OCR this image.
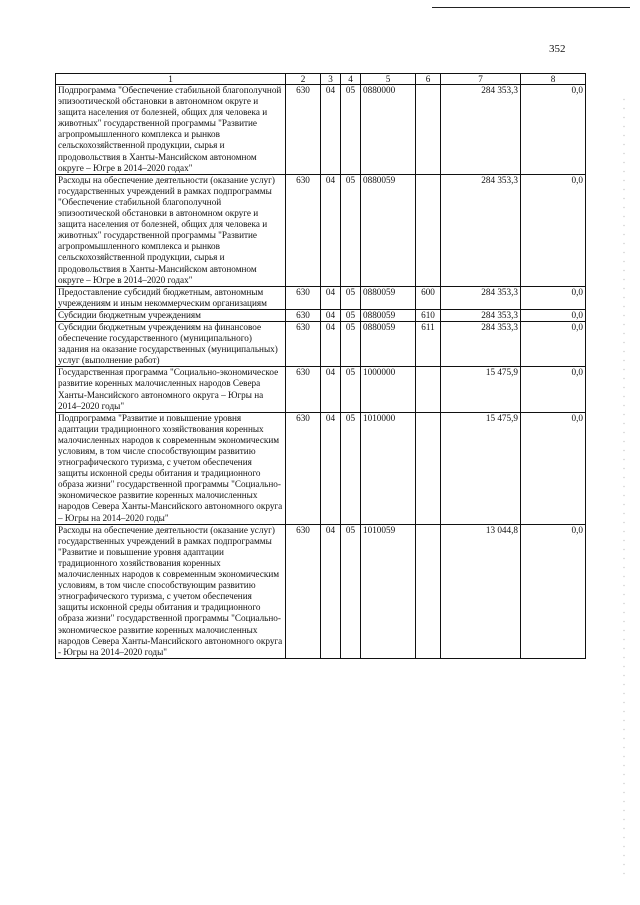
352
1	2	3	4	5	6	7	8
Подпрограмма "Обеспечение стабильной благополучной эпизоотической обстановки в автономном округе и защита населения от болезней, общих для человека и животных" государственной программы "Развитие агропромышленного комплекса и рынков сельскохозяйственной продукции, сырья и продовольствия в Ханты-Мансийском автономном округе – Югре в 2014–2020 годах"	630	04	05	0880000		284 353,3	0,0
Расходы на обеспечение деятельности (оказание услуг) государственных учреждений в рамках подпрограммы "Обеспечение стабильной благополучной эпизоотической обстановки в автономном округе и защита населения от болезней, общих для человека и животных" государственной программы "Развитие агропромышленного комплекса и рынков сельскохозяйственной продукции, сырья и продовольствия в Ханты-Мансийском автономном округе – Югре в 2014–2020 годах"	630	04	05	0880059		284 353,3	0,0
Предоставление субсидий бюджетным, автономным учреждениям и иным некоммерческим организациям	630	04	05	0880059	600	284 353,3	0,0
Субсидии бюджетным учреждениям	630	04	05	0880059	610	284 353,3	0,0
Субсидии бюджетным учреждениям на финансовое обеспечение государственного (муниципального) задания на оказание государственных (муниципальных) услуг (выполнение работ)	630	04	05	0880059	611	284 353,3	0,0
Государственная программа "Социально-экономическое развитие коренных малочисленных народов Севера Ханты-Мансийского автономного округа – Югры на 2014–2020 годы"	630	04	05	1000000		15 475,9	0,0
Подпрограмма "Развитие и повышение уровня адаптации традиционного хозяйствования коренных малочисленных народов к современным экономическим условиям, в том числе способствующим развитию этнографического туризма, с учетом обеспечения защиты исконной среды обитания и традиционного образа жизни" государственной программы "Социально-экономическое развитие коренных малочисленных народов Севера Ханты-Мансийского автономного округа – Югры на 2014–2020 годы"	630	04	05	1010000		15 475,9	0,0
Расходы на обеспечение деятельности (оказание услуг) государственных учреждений в рамках подпрограммы "Развитие и повышение уровня адаптации традиционного хозяйствования коренных малочисленных народов к современным экономическим условиям, в том числе способствующим развитию этнографического туризма, с учетом обеспечения защиты исконной среды обитания и традиционного образа жизни" государственной программы "Социально-экономическое развитие коренных малочисленных народов Севера Ханты-Мансийского автономного округа - Югры на 2014–2020 годы"	630	04	05	1010059		13 044,8	0,0
